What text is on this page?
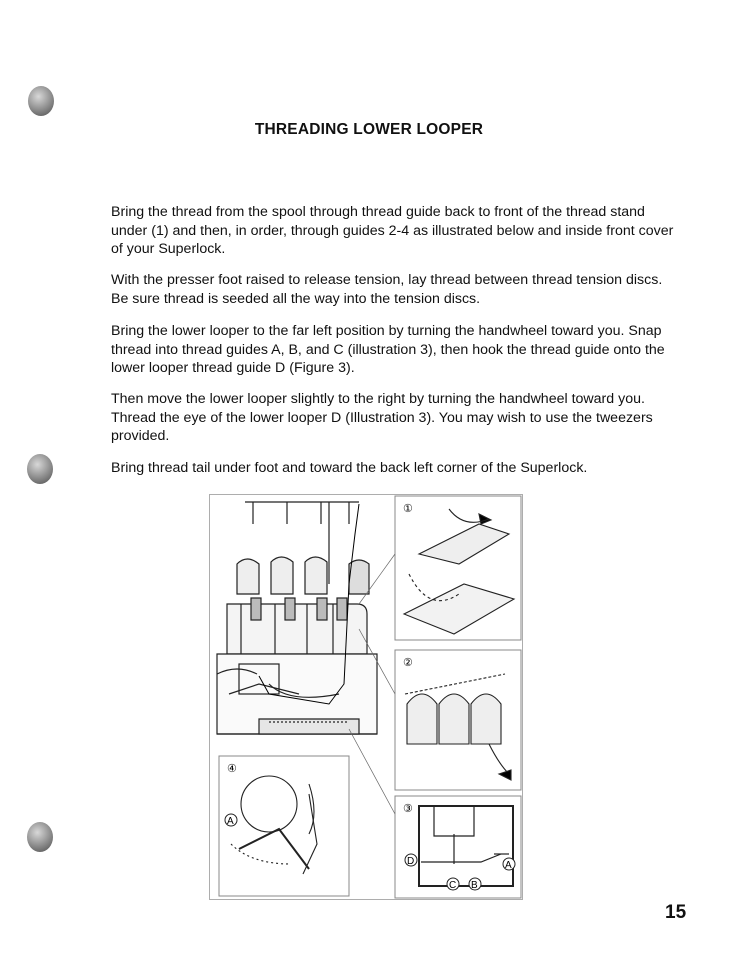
THREADING LOWER LOOPER

Bring the thread from the spool through thread guide back to front of the thread stand under (1) and then, in order, through guides 2-4 as illustrated below and inside front cover of your Superlock.

With the presser foot raised to release tension, lay thread between thread tension discs. Be sure thread is seeded all the way into the tension discs.

Bring the lower looper to the far left position by turning the handwheel toward you. Snap thread into thread guides A, B, and C (illustration 3), then hook the thread guide onto the lower looper thread guide D (Figure 3).

Then move the lower looper slightly to the right by turning the handwheel toward you. Thread the eye of the lower looper D (Illustration 3). You may wish to use the tweezers provided.

Bring thread tail under foot and toward the back left corner of the Superlock.

①
②
③
D	A
C B
④
A
15
